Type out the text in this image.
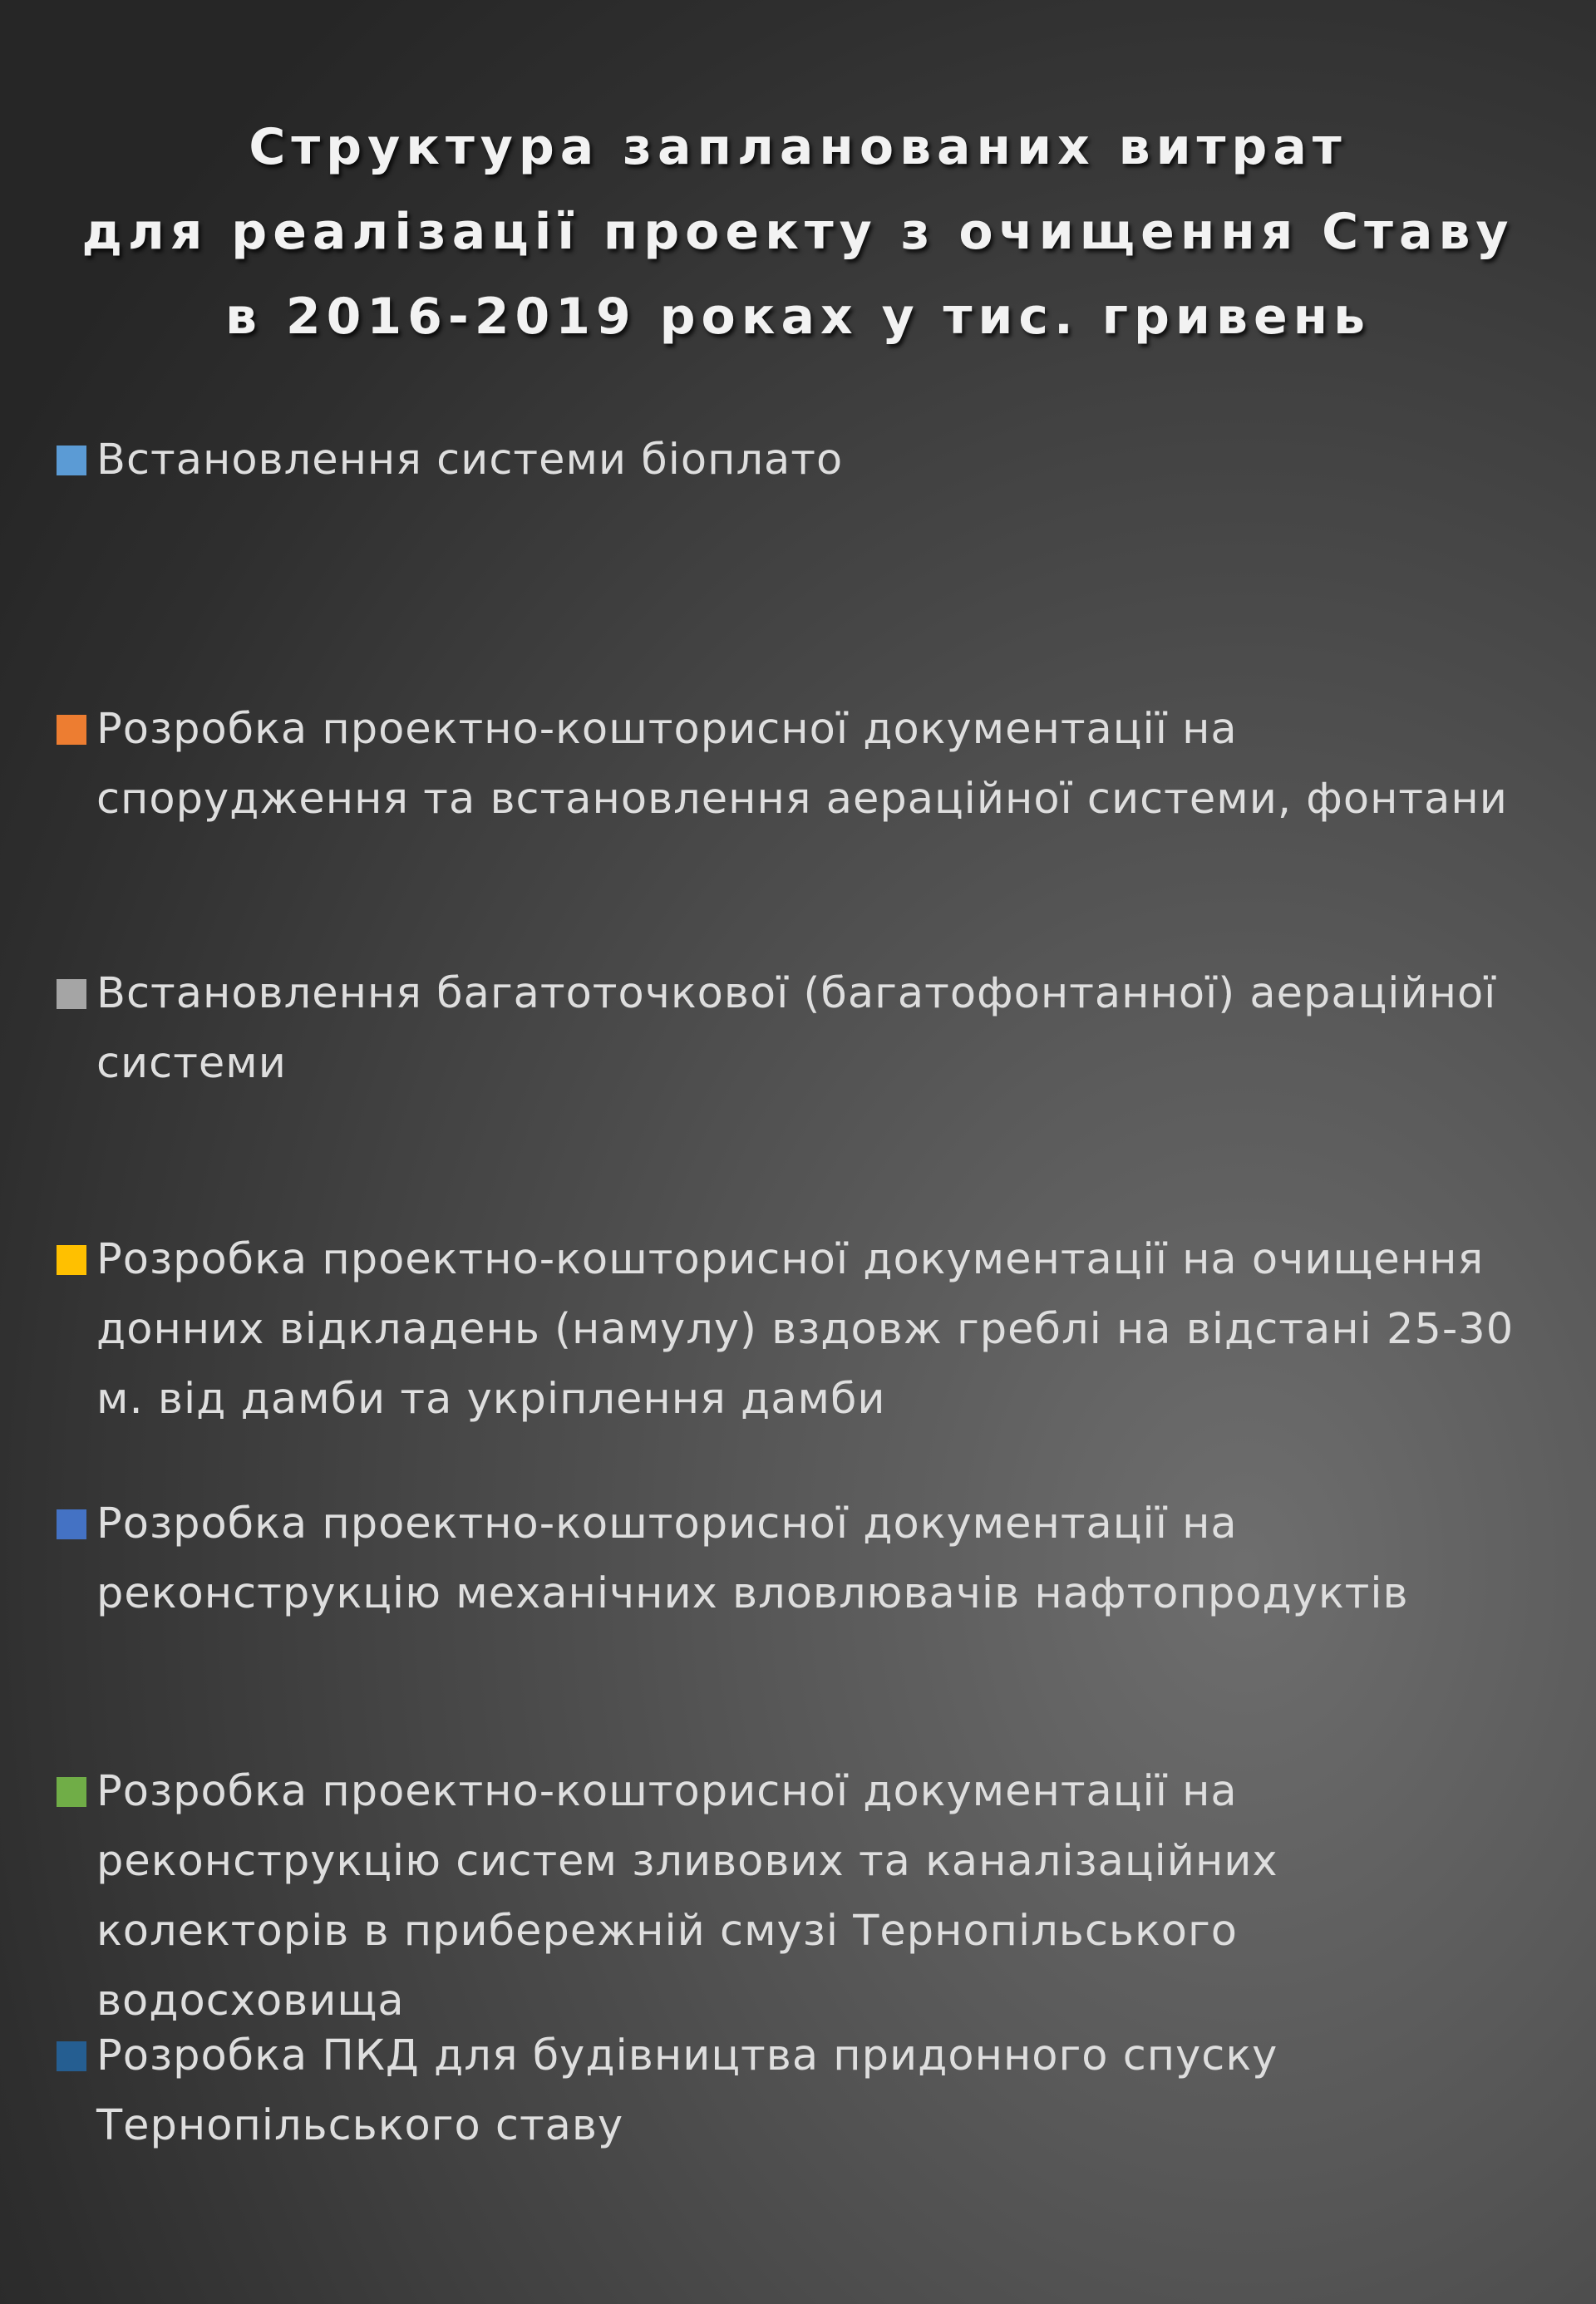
Структура запланованих витрат
для реалізації проекту з очищення Ставу
в 2016-2019 роках у тис. гривень
Встановлення системи біоплато
Розробка проектно-кошторисної документації на
спорудження та встановлення аераційної системи, фонтани
Встановлення багатоточкової (багатофонтанної) аераційної
системи
Розробка проектно-кошторисної документації на очищення
донних відкладень (намулу) вздовж греблі на відстані 25-30
м. від дамби та укріплення дамби
Розробка проектно-кошторисної документації на
реконструкцію механічних вловлювачів нафтопродуктів
Розробка проектно-кошторисної документації на
реконструкцію систем зливових та каналізаційних
колекторів в прибережній смузі Тернопільського
водосховища
Розробка ПКД для будівництва придонного спуску
Тернопільського ставу
